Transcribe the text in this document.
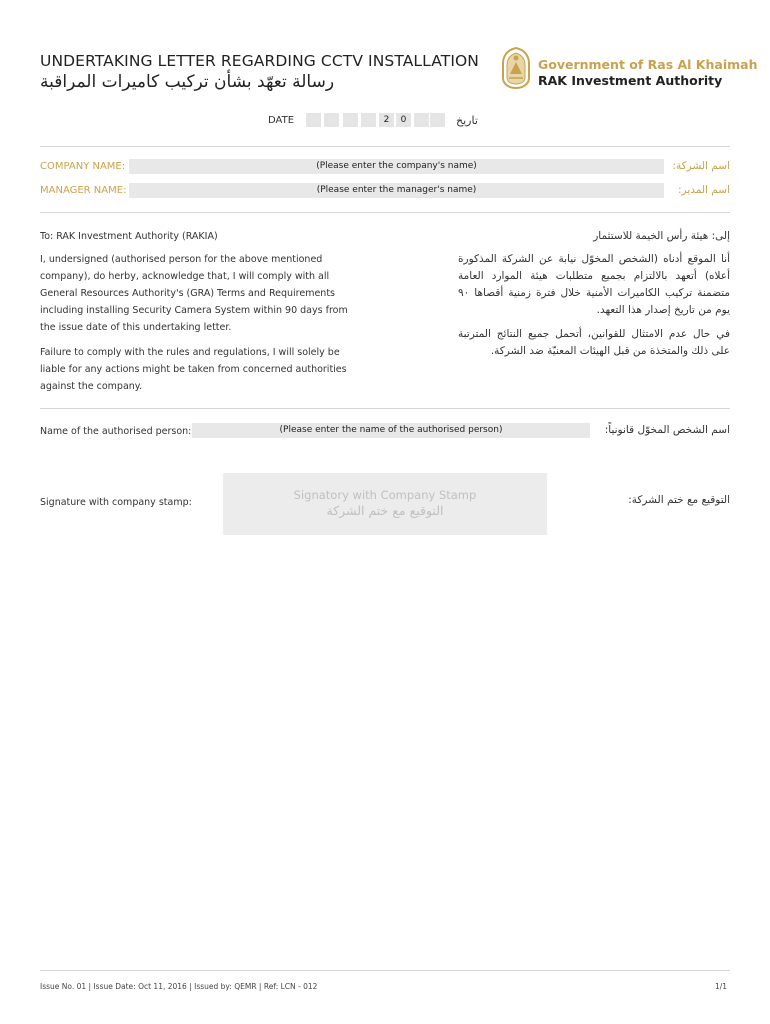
UNDERTAKING LETTER REGARDING CCTV INSTALLATION
رسالة تعهّد بشأن تركيب كاميرات المراقبة
Government of Ras Al Khaimah
RAK Investment Authority
DATE	2	0	تاريخ
COMPANY NAME:	(Please enter the company's name)	اسم الشركة:
MANAGER NAME:	(Please enter the manager's name)	اسم المدير:
To: RAK Investment Authority (RAKIA)	إلى: هيئة رأس الخيمة للاستثمار
I, undersigned (authorised person for the above mentioned company), do herby, acknowledge that, I will comply with all General Resources Authority's (GRA) Terms and Requirements including installing Security Camera System within 90 days from the issue date of this undertaking letter.
Failure to comply with the rules and regulations, I will solely be liable for any actions might be taken from concerned authorities against the company.
أنا الموقع أدناه (الشخص المخوّل نيابة عن الشركة المذكورة أعلاه) أتعهد بالالتزام بجميع متطلبات هيئة الموارد العامة متضمنة تركيب الكاميرات الأمنية خلال فترة زمنية أقصاها ٩٠ يوم من تاريخ إصدار هذا التعهد.
في حال عدم الامتثال للقوانين، أتحمل جميع النتائج المترتبة على ذلك والمتخذة من قبل الهيئات المعنيّة ضد الشركة.
Name of the authorised person:	(Please enter the name of the authorised person)	اسم الشخص المخوّل قانونياً:
Signature with company stamp:
Signatory with Company Stamp
التوقيع مع ختم الشركة
التوقيع مع ختم الشركة:
Issue No. 01 | Issue Date: Oct 11, 2016 | Issued by: QEMR | Ref: LCN - 012	1/1
